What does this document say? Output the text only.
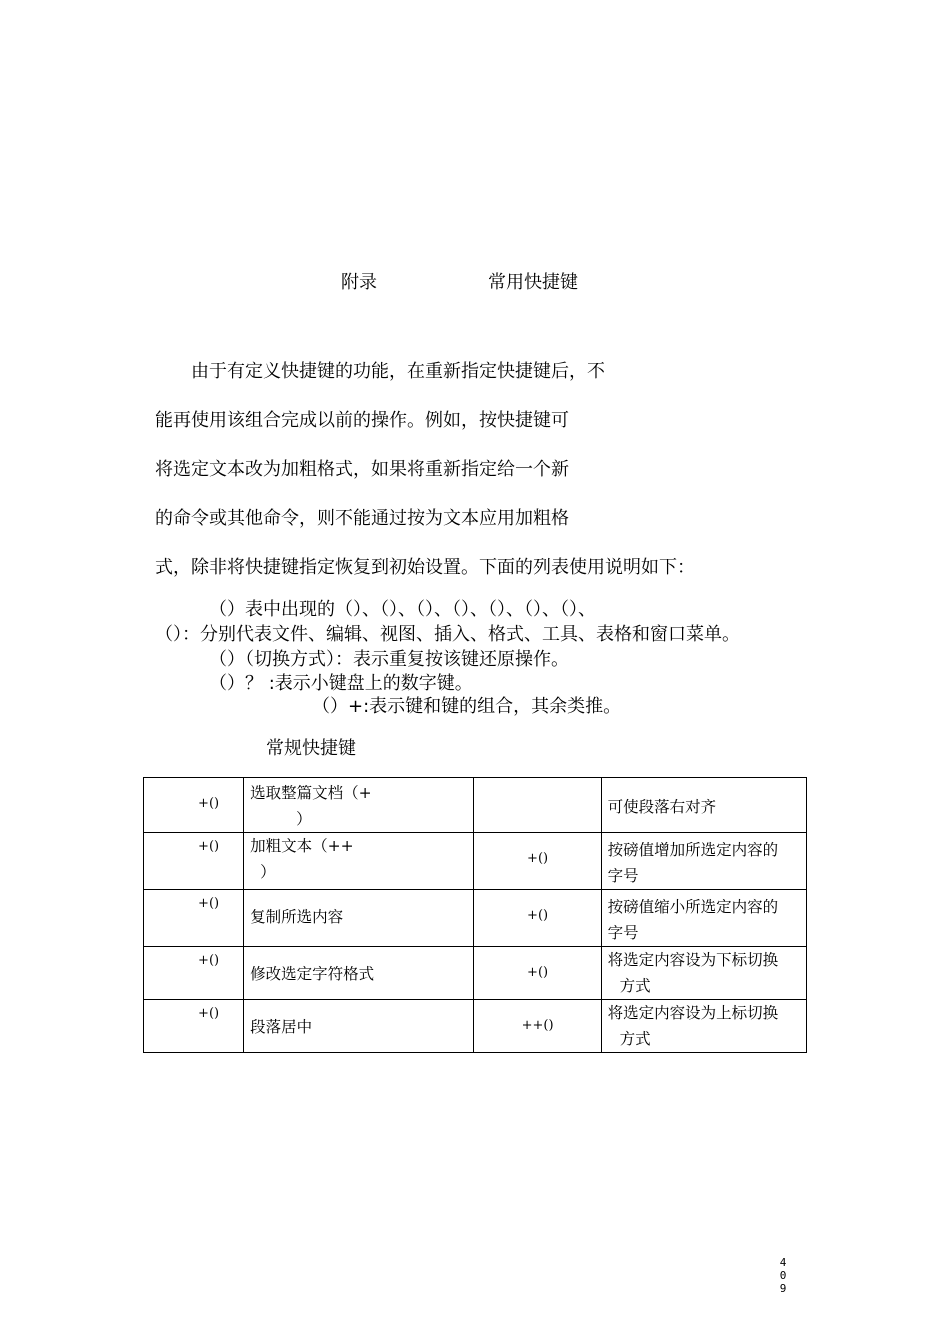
附录	常用快捷键
由于有定义快捷键的功能，在重新指定快捷键后，不
能再使用该组合完成以前的操作。例如，按快捷键可
将选定文本改为加粗格式，如果将重新指定给一个新
的命令或其他命令，则不能通过按为文本应用加粗格
式，除非将快捷键指定恢复到初始设置。下面的列表使用说明如下：
（）表中出现的（）、（）、（）、（）、（）、（）、（）、
（）：分别代表文件、编辑、视图、插入、格式、工具、表格和窗口菜单。
（）（切换方式）：表示重复按该键还原操作。
（）？ :表示小键盘上的数字键。
（）+:表示键和键的组合，其余类推。
常规快捷键
+()	选取整篇文档（+
）		可使段落右对齐

+()	加粗文本（++
）	+()	按磅值增加所选定内容的
字号

+()	复制所选内容	+()	按磅值缩小所选定内容的
字号

+()	修改选定字符格式	+()	将选定内容设为下标切换
方式

+()	段落居中	++()	将选定内容设为上标切换
方式
4
0
9
